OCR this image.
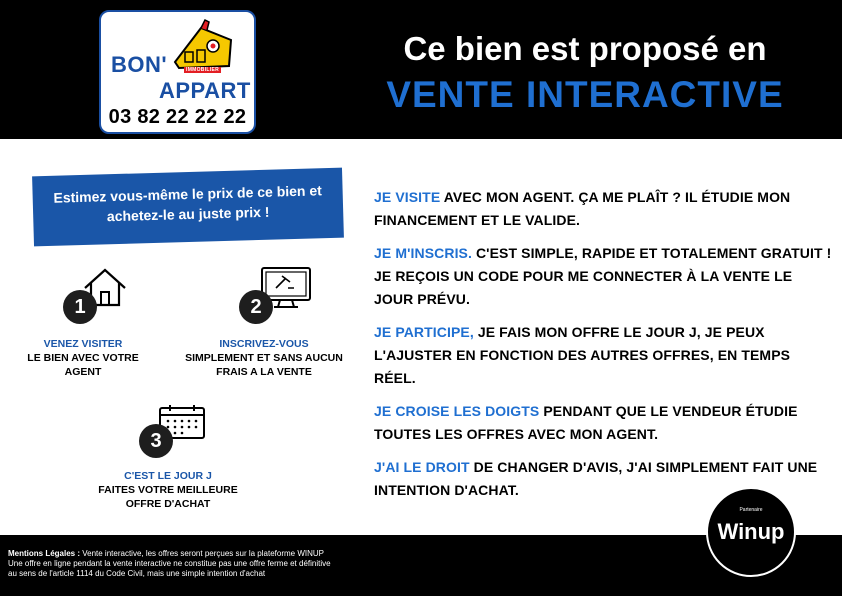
BON'	IMMOBILIER
APPART
03 82 22 22 22
Ce bien est proposé en
VENTE INTERACTIVE
Estimez vous-même le prix de ce bien et achetez-le au juste prix !
1
VENEZ VISITER
LE BIEN AVEC VOTRE AGENT
2
INSCRIVEZ-VOUS
SIMPLEMENT ET SANS AUCUN FRAIS A LA VENTE
3
C'EST LE JOUR J
FAITES VOTRE MEILLEURE OFFRE D'ACHAT

JE VISITE AVEC MON AGENT. ÇA ME PLAÎT ? IL ÉTUDIE MON FINANCEMENT ET LE VALIDE.

JE M'INSCRIS. C'EST SIMPLE, RAPIDE ET TOTALEMENT GRATUIT ! JE REÇOIS UN CODE POUR ME CONNECTER À LA VENTE LE JOUR PRÉVU.

JE PARTICIPE, JE FAIS MON OFFRE LE JOUR J, JE PEUX L'AJUSTER EN FONCTION DES AUTRES OFFRES, EN TEMPS RÉEL.

JE CROISE LES DOIGTS PENDANT QUE LE VENDEUR ÉTUDIE TOUTES LES OFFRES AVEC MON AGENT.

J'AI LE DROIT DE CHANGER D'AVIS, J'AI SIMPLEMENT FAIT UNE INTENTION D'ACHAT.

Mentions Légales : Vente interactive, les offres seront perçues sur la plateforme WINUP
Une offre en ligne pendant la vente interactive ne constitue pas une offre ferme et définitive
au sens de l'article 1114 du Code Civil, mais une simple intention d'achat
Partenaire
Winup
